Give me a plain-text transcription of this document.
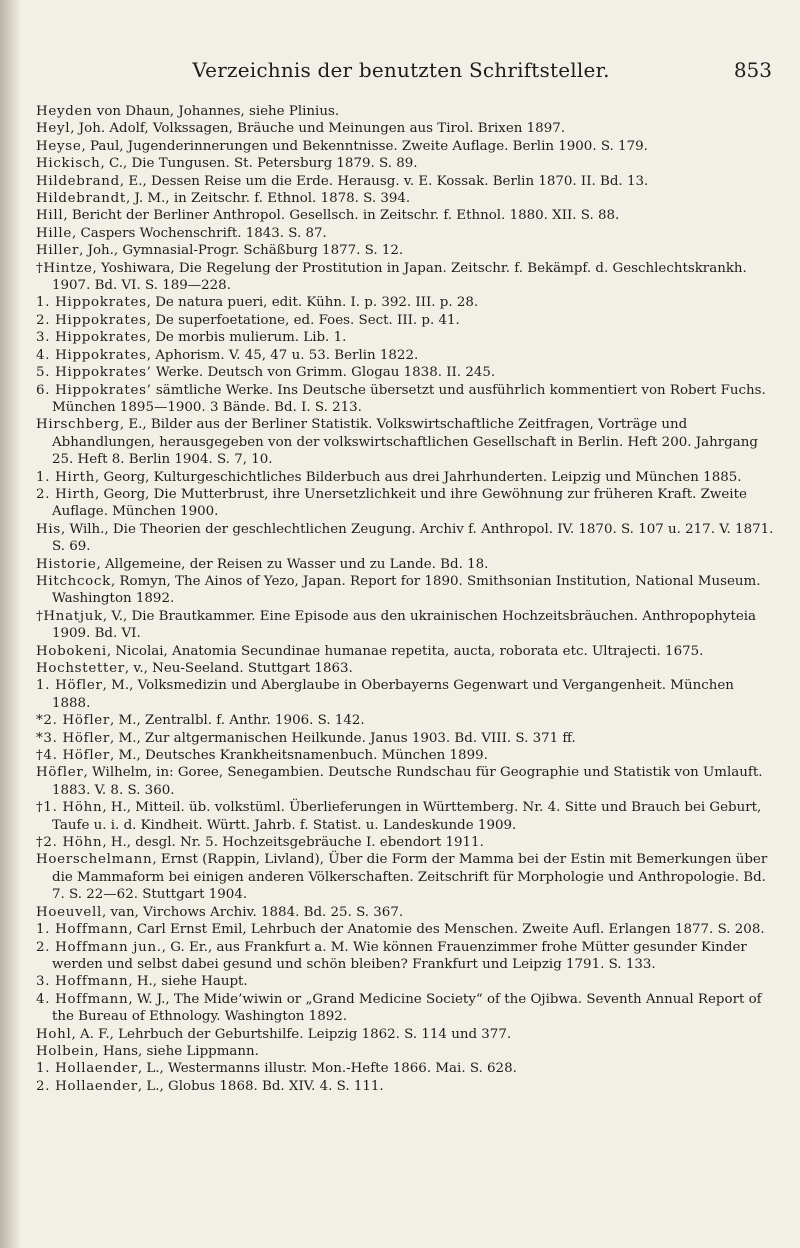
Verzeichnis der benutzten Schriftsteller.	853

Heyden von Dhaun, Johannes, siehe Plinius.

Heyl, Joh. Adolf, Volkssagen, Bräuche und Meinungen aus Tirol. Brixen 1897.

Heyse, Paul, Jugenderinnerungen und Bekenntnisse. Zweite Auflage. Berlin 1900. S. 179.

Hickisch, C., Die Tungusen. St. Petersburg 1879. S. 89.

Hildebrand, E., Dessen Reise um die Erde. Herausg. v. E. Kossak. Berlin 1870. II. Bd. 13.

Hildebrandt, J. M., in Zeitschr. f. Ethnol. 1878. S. 394.

Hill, Bericht der Berliner Anthropol. Gesellsch. in Zeitschr. f. Ethnol. 1880. XII. S. 88.

Hille, Caspers Wochenschrift. 1843. S. 87.

Hiller, Joh., Gymnasial-Progr. Schäßburg 1877. S. 12.

†Hintze, Yoshiwara, Die Regelung der Prostitution in Japan. Zeitschr. f. Bekämpf. d. Geschlechtskrankh. 1907. Bd. VI. S. 189—228.

1. Hippokrates, De natura pueri, edit. Kühn. I. p. 392. III. p. 28.

2. Hippokrates, De superfoetatione, ed. Foes. Sect. III. p. 41.

3. Hippokrates, De morbis mulierum. Lib. 1.

4. Hippokrates, Aphorism. V. 45, 47 u. 53. Berlin 1822.

5. Hippokrates’ Werke. Deutsch von Grimm. Glogau 1838. II. 245.

6. Hippokrates’ sämtliche Werke. Ins Deutsche übersetzt und ausführlich kommentiert von Robert Fuchs. München 1895—1900. 3 Bände. Bd. I. S. 213.

Hirschberg, E., Bilder aus der Berliner Statistik. Volkswirtschaftliche Zeitfragen, Vorträge und Abhandlungen, herausgegeben von der volkswirtschaftlichen Gesellschaft in Berlin. Heft 200. Jahrgang 25. Heft 8. Berlin 1904. S. 7, 10.

1. Hirth, Georg, Kulturgeschichtliches Bilderbuch aus drei Jahrhunderten. Leipzig und München 1885.

2. Hirth, Georg, Die Mutterbrust, ihre Unersetzlichkeit und ihre Gewöhnung zur früheren Kraft. Zweite Auflage. München 1900.

His, Wilh., Die Theorien der geschlechtlichen Zeugung. Archiv f. Anthropol. IV. 1870. S. 107 u. 217. V. 1871. S. 69.

Historie, Allgemeine, der Reisen zu Wasser und zu Lande. Bd. 18.

Hitchcock, Romyn, The Ainos of Yezo, Japan. Report for 1890. Smithsonian Institution, National Museum. Washington 1892.

†Hnatjuk, V., Die Brautkammer. Eine Episode aus den ukrainischen Hochzeitsbräuchen. Anthropophyteia 1909. Bd. VI.

Hobokeni, Nicolai, Anatomia Secundinae humanae repetita, aucta, roborata etc. Ultrajecti. 1675.

Hochstetter, v., Neu-Seeland. Stuttgart 1863.

1. Höfler, M., Volksmedizin und Aberglaube in Oberbayerns Gegenwart und Vergangenheit. München 1888.

*2. Höfler, M., Zentralbl. f. Anthr. 1906. S. 142.

*3. Höfler, M., Zur altgermanischen Heilkunde. Janus 1903. Bd. VIII. S. 371 ff.

†4. Höfler, M., Deutsches Krankheitsnamenbuch. München 1899.

Höfler, Wilhelm, in: Goree, Senegambien. Deutsche Rundschau für Geographie und Statistik von Umlauft. 1883. V. 8. S. 360.

†1. Höhn, H., Mitteil. üb. volkstüml. Überlieferungen in Württemberg. Nr. 4. Sitte und Brauch bei Geburt, Taufe u. i. d. Kindheit. Württ. Jahrb. f. Statist. u. Landeskunde 1909.

†2. Höhn, H., desgl. Nr. 5. Hochzeitsgebräuche I. ebendort 1911.

Hoerschelmann, Ernst (Rappin, Livland), Über die Form der Mamma bei der Estin mit Bemerkungen über die Mammaform bei einigen anderen Völkerschaften. Zeitschrift für Morphologie und Anthropologie. Bd. 7. S. 22—62. Stuttgart 1904.

Hoeuvell, van, Virchows Archiv. 1884. Bd. 25. S. 367.

1. Hoffmann, Carl Ernst Emil, Lehrbuch der Anatomie des Menschen. Zweite Aufl. Erlangen 1877. S. 208.

2. Hoffmann jun., G. Er., aus Frankfurt a. M. Wie können Frauenzimmer frohe Mütter gesunder Kinder werden und selbst dabei gesund und schön bleiben? Frankfurt und Leipzig 1791. S. 133.

3. Hoffmann, H., siehe Haupt.

4. Hoffmann, W. J., The Mide’wiwin or „Grand Medicine Society“ of the Ojibwa. Seventh Annual Report of the Bureau of Ethnology. Washington 1892.

Hohl, A. F., Lehrbuch der Geburtshilfe. Leipzig 1862. S. 114 und 377.

Holbein, Hans, siehe Lippmann.

1. Hollaender, L., Westermanns illustr. Mon.-Hefte 1866. Mai. S. 628.

2. Hollaender, L., Globus 1868. Bd. XIV. 4. S. 111.
